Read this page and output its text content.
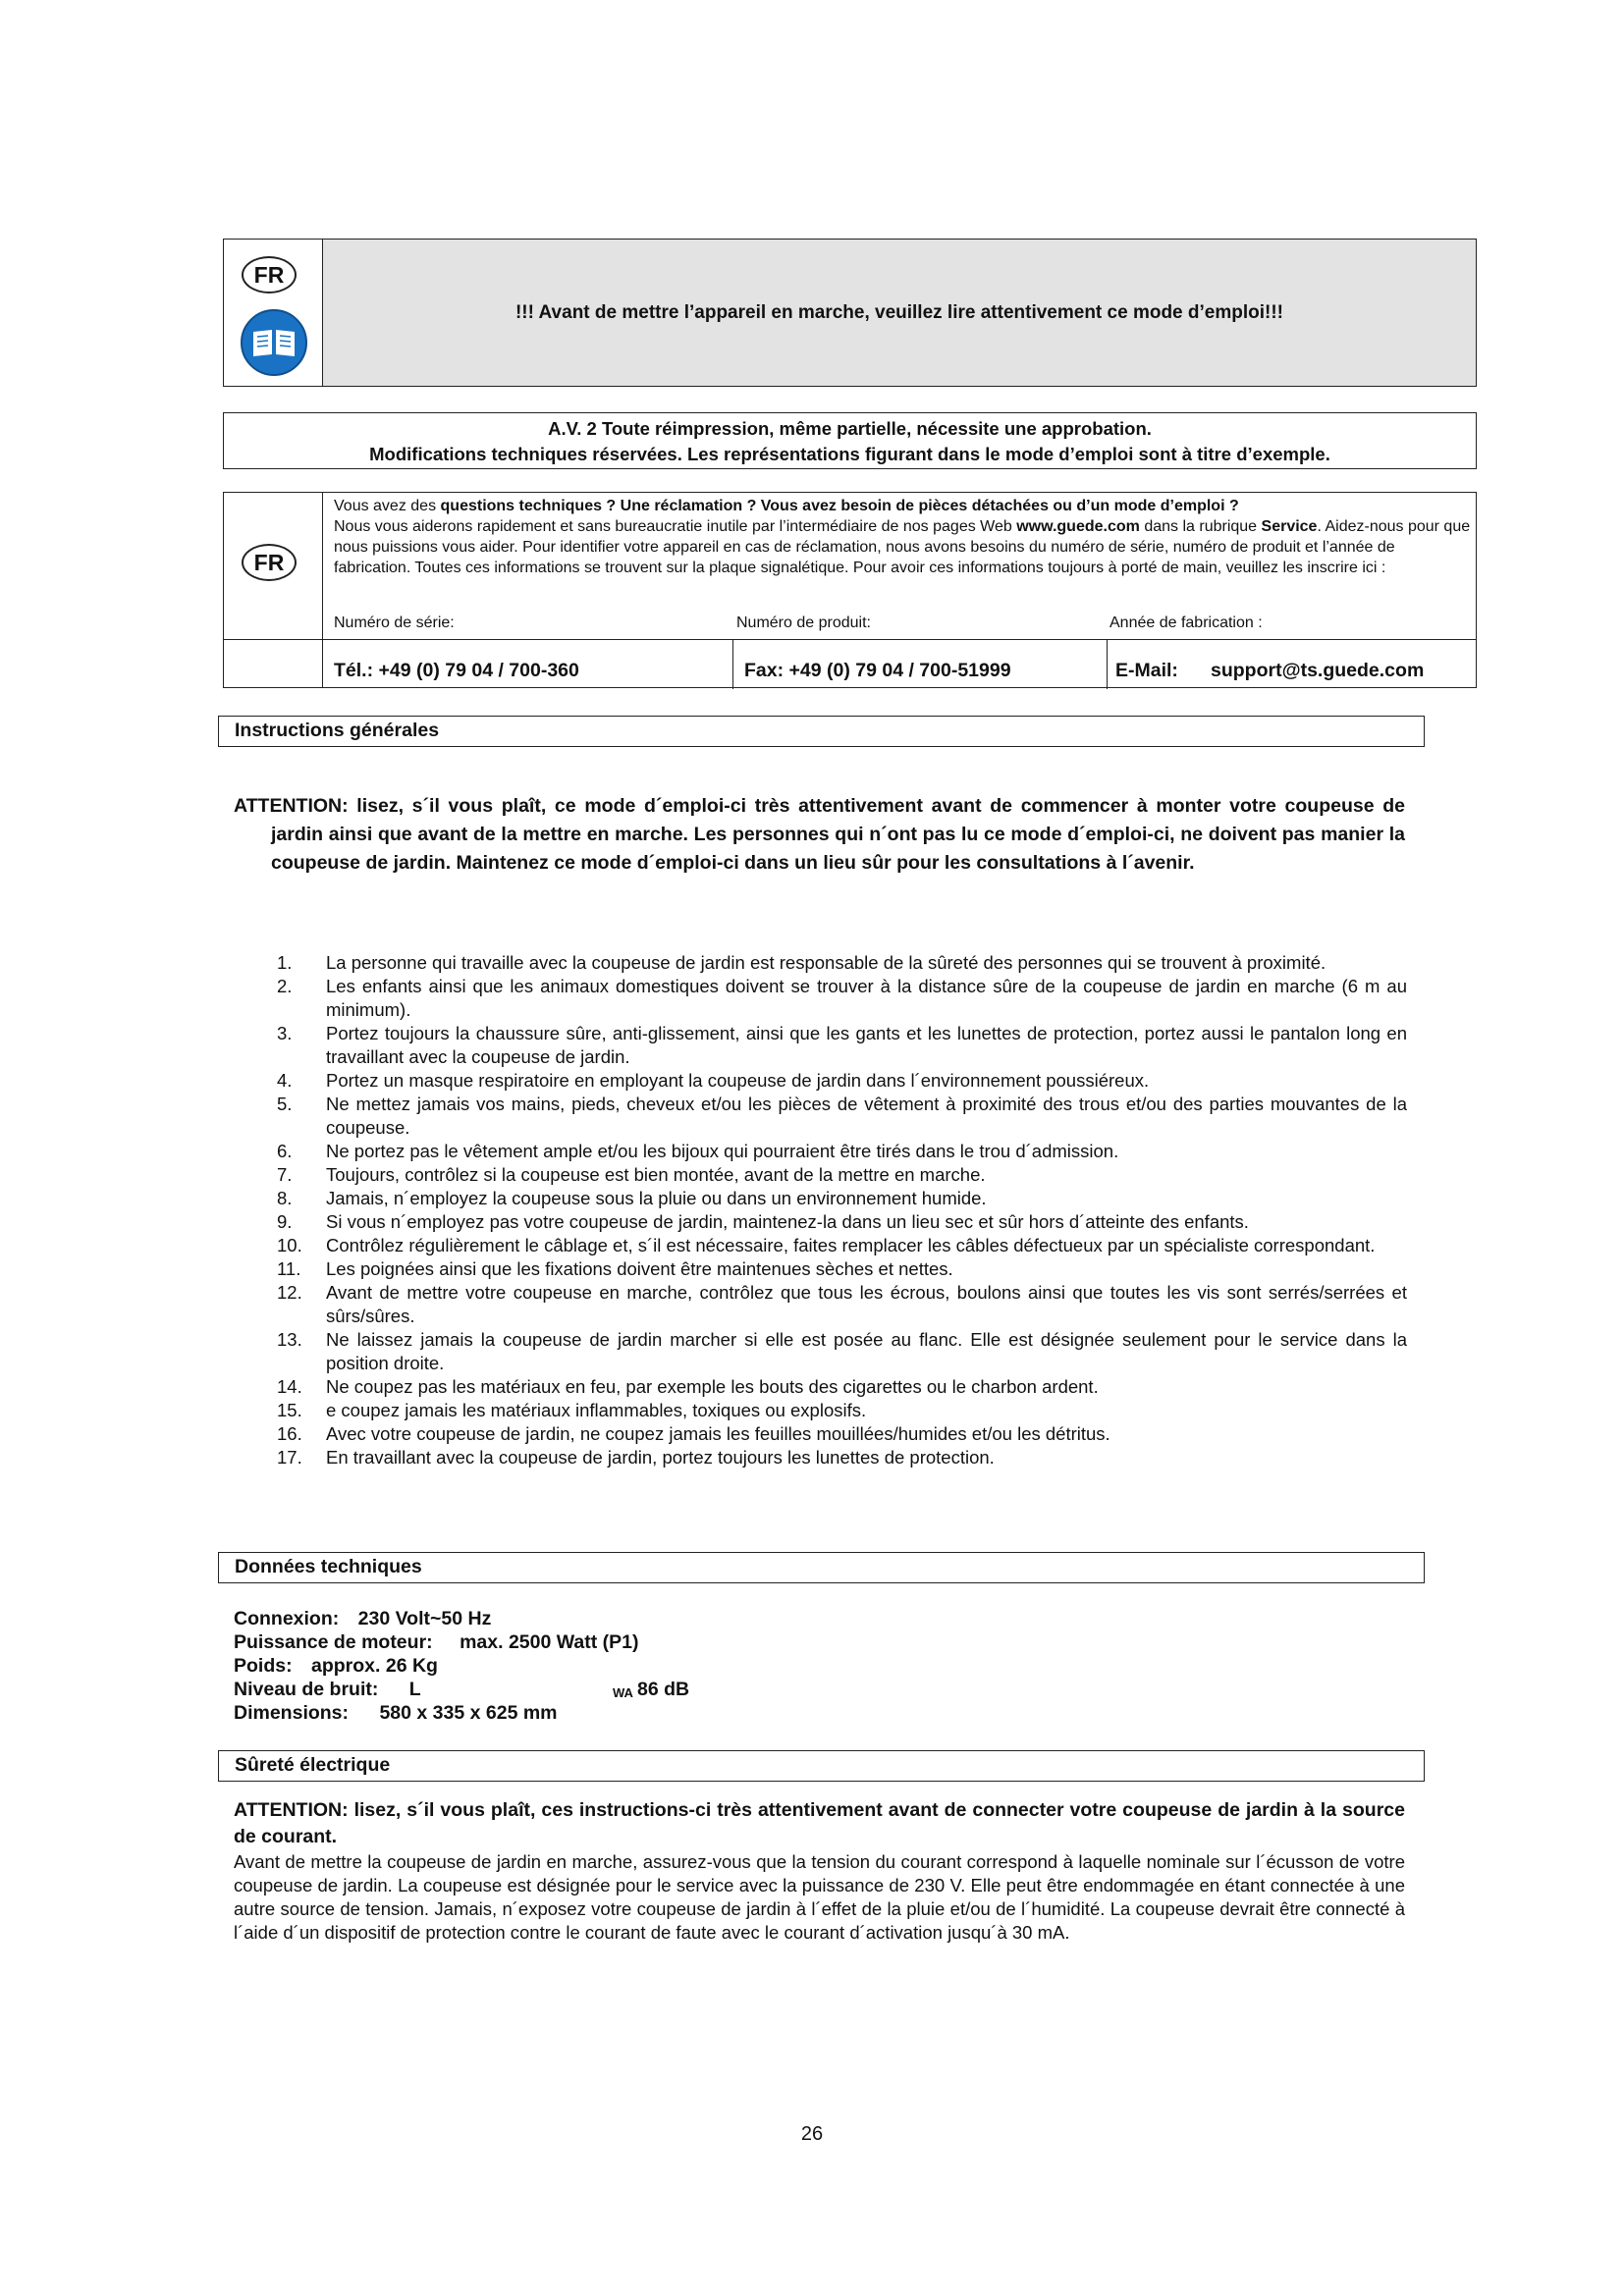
FR
!!! Avant de mettre l’appareil en marche, veuillez lire attentivement ce mode d’emploi!!!
A.V. 2 Toute réimpression, même partielle, nécessite une approbation.
Modifications techniques réservées. Les représentations figurant dans le mode d’emploi sont à titre d’exemple.
FR
Vous avez des questions techniques ? Une réclamation ? Vous avez besoin de pièces détachées ou d’un mode d’emploi ?
Nous vous aiderons rapidement et sans bureaucratie inutile par l’intermédiaire de nos pages Web www.guede.com dans la rubrique Service. Aidez-nous pour que nous puissions vous aider. Pour identifier votre appareil en cas de réclamation, nous avons besoins du numéro de série, numéro de produit et l’année de fabrication. Toutes ces informations se trouvent sur la plaque signalétique. Pour avoir ces informations toujours à porté de main, veuillez les inscrire ici :
Numéro de série:	Numéro de produit:	Année de fabrication :
Tél.: +49 (0) 79 04 / 700-360	Fax: +49 (0) 79 04 / 700-51999	E-Mail: support@ts.guede.com
Instructions générales
ATTENTION: lisez, s´il vous plaît, ce mode d´emploi-ci très attentivement avant de commencer à monter votre coupeuse de jardin ainsi que avant de la mettre en marche. Les personnes qui n´ont pas lu ce mode d´emploi-ci, ne doivent pas manier la coupeuse de jardin. Maintenez ce mode d´emploi-ci dans un lieu sûr pour les consultations à l´avenir.
1. La personne qui travaille avec la coupeuse de jardin est responsable de la sûreté des personnes qui se trouvent à proximité.
2. Les enfants ainsi que les animaux domestiques doivent se trouver à la distance sûre de la coupeuse de jardin en marche (6 m au minimum).
3. Portez toujours la chaussure sûre, anti-glissement, ainsi que les gants et les lunettes de protection, portez aussi le pantalon long en travaillant avec la coupeuse de jardin.
4. Portez un masque respiratoire en employant la coupeuse de jardin dans l´environnement poussiéreux.
5. Ne mettez jamais vos mains, pieds, cheveux et/ou les pièces de vêtement à proximité des trous et/ou des parties mouvantes de la coupeuse.
6. Ne portez pas le vêtement ample et/ou les bijoux qui pourraient être tirés dans le trou d´admission.
7. Toujours, contrôlez si la coupeuse est bien montée, avant de la mettre en marche.
8. Jamais, n´employez la coupeuse sous la pluie ou dans un environnement humide.
9. Si vous n´employez pas votre coupeuse de jardin, maintenez-la dans un lieu sec et sûr hors d´atteinte des enfants.
10. Contrôlez régulièrement le câblage et, s´il est nécessaire, faites remplacer les câbles défectueux par un spécialiste correspondant.
11. Les poignées ainsi que les fixations doivent être maintenues sèches et nettes.
12. Avant de mettre votre coupeuse en marche, contrôlez que tous les écrous, boulons ainsi que toutes les vis sont serrés/serrées et sûrs/sûres.
13. Ne laissez jamais la coupeuse de jardin marcher si elle est posée au flanc. Elle est désignée seulement pour le service dans la position droite.
14. Ne coupez pas les matériaux en feu, par exemple les bouts des cigarettes ou le charbon ardent.
15. e coupez jamais les matériaux inflammables, toxiques ou explosifs.
16. Avec votre coupeuse de jardin, ne coupez jamais les feuilles mouillées/humides et/ou les détritus.
17. En travaillant avec la coupeuse de jardin, portez toujours les lunettes de protection.
Données techniques
Connexion: 230 Volt~50 Hz
Puissance de moteur: max. 2500 Watt (P1)
Poids: approx. 26 Kg
Niveau de bruit: L	WA 86 dB
Dimensions: 580 x 335 x 625 mm
Sûreté électrique
ATTENTION: lisez, s´il vous plaît, ces instructions-ci très attentivement avant de connecter votre coupeuse de jardin à la source de courant.
Avant de mettre la coupeuse de jardin en marche, assurez-vous que la tension du courant correspond à laquelle nominale sur l´écusson de votre coupeuse de jardin. La coupeuse est désignée pour le service avec la puissance de 230 V. Elle peut être endommagée en étant connectée à une autre source de tension. Jamais, n´exposez votre coupeuse de jardin à l´effet de la pluie et/ou de l´humidité. La coupeuse devrait être connecté à l´aide d´un dispositif de protection contre le courant de faute avec le courant d´activation jusqu´à 30 mA.
26
